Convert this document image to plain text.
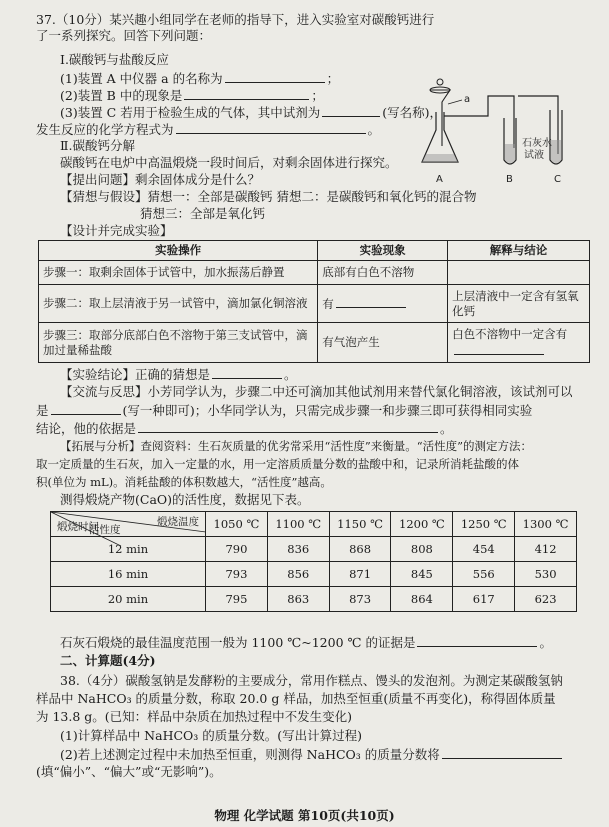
37.（10分）某兴趣小组同学在老师的指导下，进入实验室对碳酸钙进行了一系列探究。回答下列问题：
Ⅰ.碳酸钙与盐酸反应
(1)装置 A 中仪器 a 的名称为	；
(2)装置 B 中的现象是	；
(3)装置 C 若用于检验生成的气体，其中试剂为	(写名称)，
发生反应的化学方程式为	。
Ⅱ.碳酸钙分解
碳酸钙在电炉中高温煅烧一段时间后，对剩余固体进行探究。
【提出问题】剩余固体成分是什么？
【猜想与假设】猜想一：全部是碳酸钙 猜想二：是碳酸钙和氧化钙的混合物
猜想三：全部是氧化钙
【设计并完成实验】
a
石灰水
试液
A	B	C
实验操作	实验现象	解释与结论
步骤一：取剩余固体于试管中，加水振荡后静置	底部有白色不溶物	
步骤二：取上层清液于另一试管中，滴加氯化铜溶液	有	上层清液中一定含有氢氧化钙
步骤三：取部分底部白色不溶物于第三支试管中，滴加过量稀盐酸	有气泡产生	白色不溶物中一定含有

【实验结论】正确的猜想是	。
【交流与反思】小芳同学认为，步骤二中还可滴加其他试剂用来替代氯化铜溶液，该试剂可以
是	(写一种即可)；小华同学认为，只需完成步骤一和步骤三即可获得相同实验
结论，他的依据是	。
【拓展与分析】查阅资料：生石灰质量的优劣常采用“活性度”来衡量。“活性度”的测定方法：
取一定质量的生石灰，加入一定量的水，用一定溶质质量分数的盐酸中和，记录所消耗盐酸的体
积(单位为 mL)。消耗盐酸的体积数越大，“活性度”越高。
测得煅烧产物(CaO)的活性度，数据见下表。
煅烧温度
活性度
煅烧时间	1050 ℃	1100 ℃	1150 ℃	1200 ℃	1250 ℃	1300 ℃
12 min	790	836	868	808	454	412
16 min	793	856	871	845	556	530
20 min	795	863	873	864	617	623
石灰石煅烧的最佳温度范围一般为 1100 ℃~1200 ℃ 的证据是	。
二、计算题(4分)
38.（4分）碳酸氢钠是发酵粉的主要成分，常用作糕点、馒头的发泡剂。为测定某碳酸氢钠
样品中 NaHCO₃ 的质量分数，称取 20.0 g 样品，加热至恒重(质量不再变化)，称得固体质量
为 13.8 g。(已知：样品中杂质在加热过程中不发生变化)
(1)计算样品中 NaHCO₃ 的质量分数。(写出计算过程)
(2)若上述测定过程中未加热至恒重，则测得 NaHCO₃ 的质量分数将
(填“偏小”、“偏大”或“无影响”)。
物理 化学试题 第10页(共10页)
